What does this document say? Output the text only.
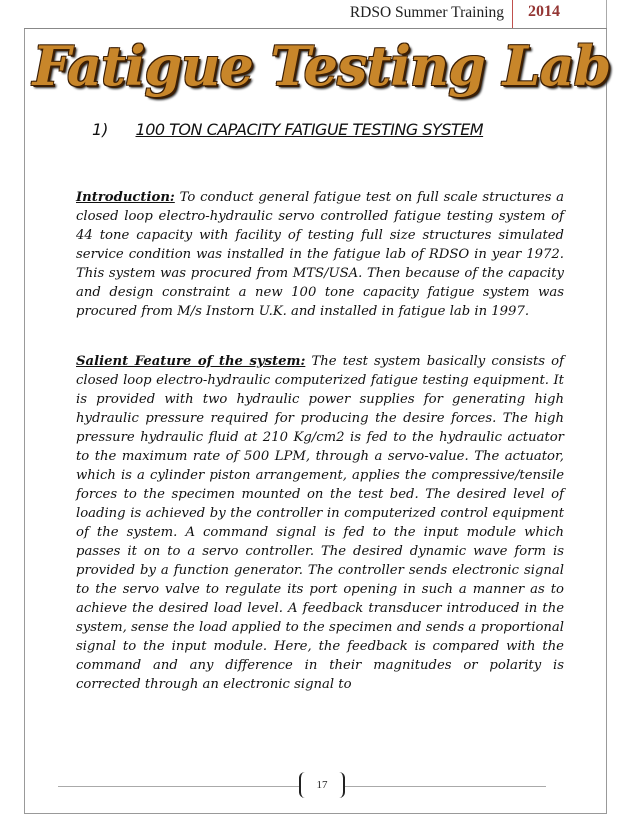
RDSO Summer Training 2014
Fatigue Testing Lab
1) 100 TON CAPACITY FATIGUE TESTING SYSTEM

Introduction: To conduct general fatigue test on full scale structures a closed loop electro-hydraulic servo controlled fatigue testing system of 44 tone capacity with facility of testing full size structures simulated service condition was installed in the fatigue lab of RDSO in year 1972. This system was procured from MTS/USA. Then because of the capacity and design constraint a new 100 tone capacity fatigue system was procured from M/s Instorn U.K. and installed in fatigue lab in 1997.

Salient Feature of the system: The test system basically consists of closed loop electro-hydraulic computerized fatigue testing equipment. It is provided with two hydraulic power supplies for generating high hydraulic pressure required for producing the desire forces. The high pressure hydraulic fluid at 210 Kg/cm2 is fed to the hydraulic actuator to the maximum rate of 500 LPM, through a servo-value. The actuator, which is a cylinder piston arrangement, applies the compressive/tensile forces to the specimen mounted on the test bed. The desired level of loading is achieved by the controller in computerized control equipment of the system. A command signal is fed to the input module which passes it on to a servo controller. The desired dynamic wave form is provided by a function generator. The controller sends electronic signal to the servo valve to regulate its port opening in such a manner as to achieve the desired load level. A feedback transducer introduced in the system, sense the load applied to the specimen and sends a proportional signal to the input module. Here, the feedback is compared with the command and any difference in their magnitudes or polarity is corrected through an electronic signal to

17
